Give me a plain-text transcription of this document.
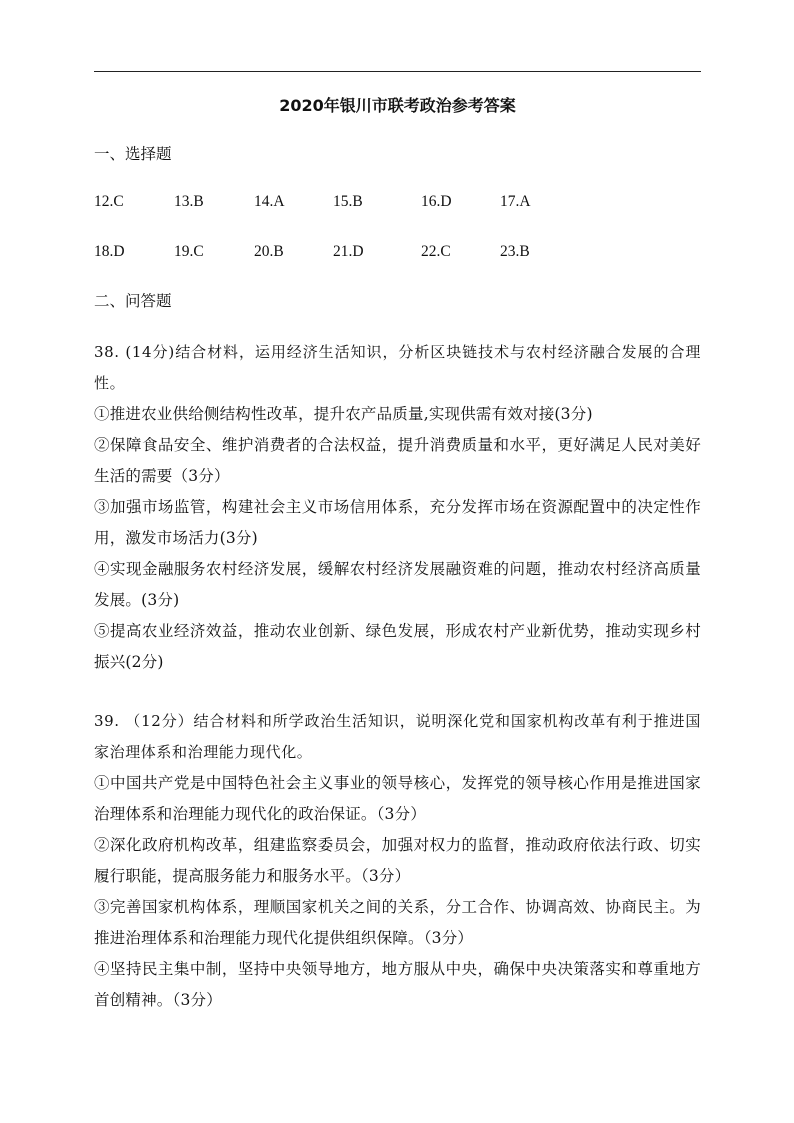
2020年银川市联考政治参考答案
一、选择题
12.C	13.B	14.A	15.B	16.D	17.A
18.D	19.C	20.B	21.D	22.C	23.B
二、问答题

38. (14分)结合材料，运用经济生活知识，分析区块链技术与农村经济融合发展的合理性。

①推进农业供给侧结构性改革，提升农产品质量,实现供需有效对接(3分)

②保障食品安全、维护消费者的合法权益，提升消费质量和水平，更好满足人民对美好生活的需要（3分）

③加强市场监管，构建社会主义市场信用体系，充分发挥市场在资源配置中的决定性作用，激发市场活力(3分)

④实现金融服务农村经济发展，缓解农村经济发展融资难的问题，推动农村经济高质量发展。(3分)

⑤提高农业经济效益，推动农业创新、绿色发展，形成农村产业新优势，推动实现乡村振兴(2分)

39. （12分）结合材料和所学政治生活知识，说明深化党和国家机构改革有利于推进国家治理体系和治理能力现代化。

①中国共产党是中国特色社会主义事业的领导核心，发挥党的领导核心作用是推进国家治理体系和治理能力现代化的政治保证。（3分）

②深化政府机构改革，组建监察委员会，加强对权力的监督，推动政府依法行政、切实履行职能，提高服务能力和服务水平。（3分）

③完善国家机构体系，理顺国家机关之间的关系，分工合作、协调高效、协商民主。为推进治理体系和治理能力现代化提供组织保障。（3分）

④坚持民主集中制，坚持中央领导地方，地方服从中央，确保中央决策落实和尊重地方首创精神。（3分）
